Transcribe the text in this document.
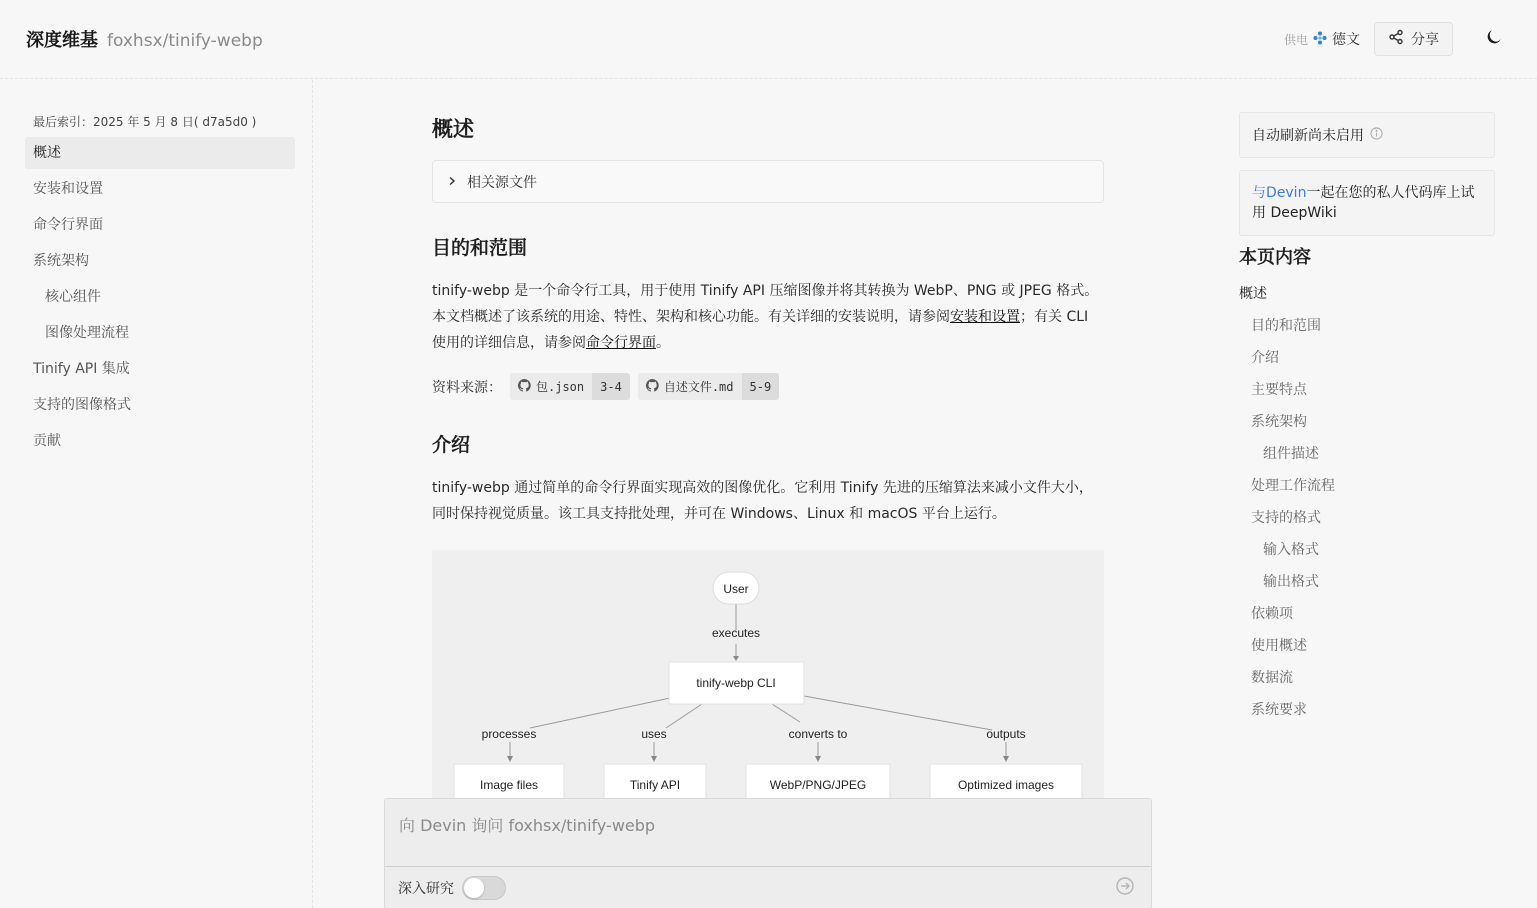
深度维基 foxhsx/tinify-webp	供电 德文	分享
最后索引：2025 年 5 月 8 日( d7a5d0 )
概述
安装和设置
命令行界面
系统架构
核心组件
图像处理流程
Tinify API 集成
支持的图像格式
贡献
概述
相关源文件
目的和范围

tinify-webp 是一个命令行工具，用于使用 Tinify API 压缩图像并将其转换为 WebP、PNG 或 JPEG 格式。本文档概述了该系统的用途、特性、架构和核心功能。有关详细的安装说明，请参阅安装和设置；有关 CLI 使用的详细信息，请参阅命令行界面。

资料来源：	包.json	3-4	自述文件.md	5-9
介绍

tinify-webp 通过简单的命令行界面实现高效的图像优化。它利用 Tinify 先进的压缩算法来减小文件大小，同时保持视觉质量。该工具支持批处理，并可在 Windows、Linux 和 macOS 平台上运行。

User
executes
tinify-webp CLI
processes	uses	converts to	outputs
Image files	Tinify API	WebP/PNG/JPEG	Optimized images
自动刷新尚未启用
与Devin一起在您的私人代码库上试用 DeepWiki
本页内容
概述
目的和范围
介绍
主要特点
系统架构
组件描述
处理工作流程
支持的格式
输入格式
输出格式
依赖项
使用概述
数据流
系统要求
向 Devin 询问 foxhsx/tinify-webp
深入研究
